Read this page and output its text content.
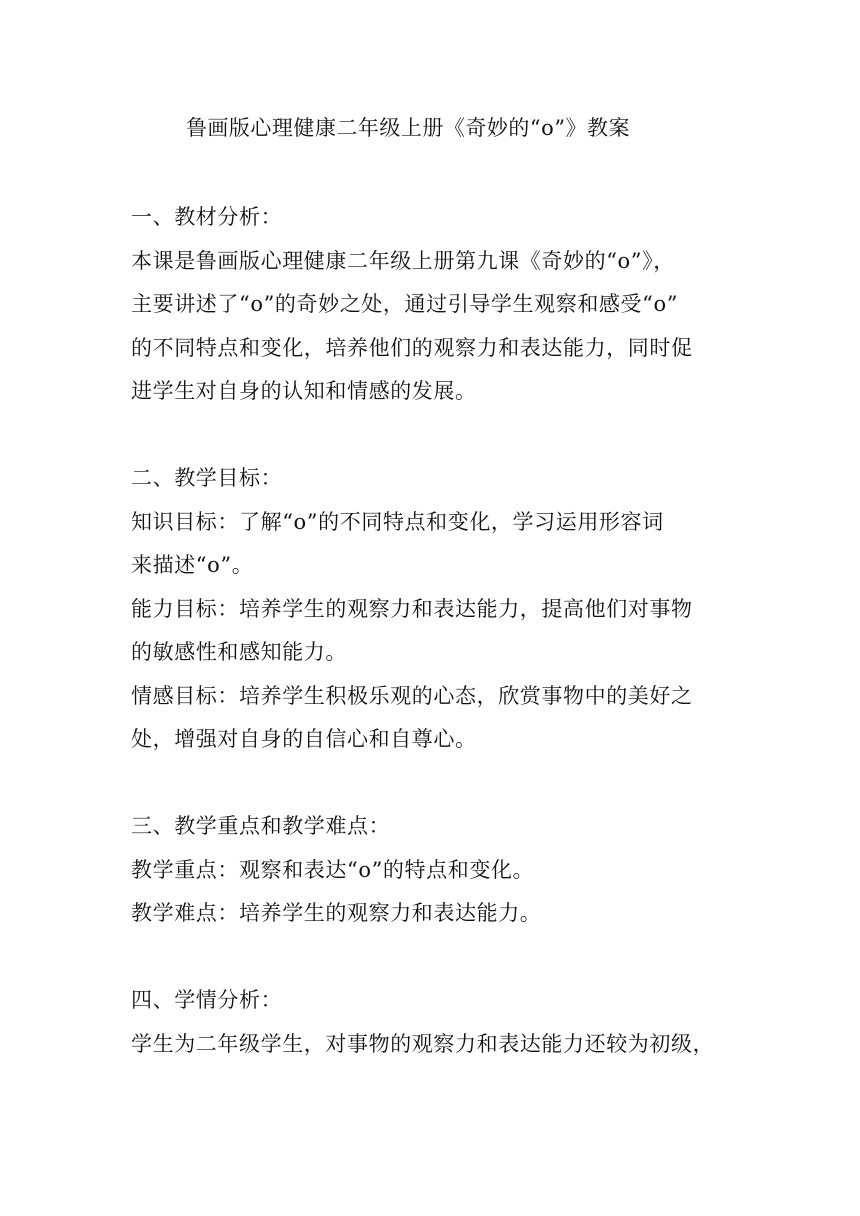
鲁画版心理健康二年级上册《奇妙的“o”》教案
一、教材分析：
本课是鲁画版心理健康二年级上册第九课《奇妙的“o”》，
主要讲述了“o”的奇妙之处，通过引导学生观察和感受“o”
的不同特点和变化，培养他们的观察力和表达能力，同时促
进学生对自身的认知和情感的发展。
二、教学目标：
知识目标：了解“o”的不同特点和变化，学习运用形容词
来描述“o”。
能力目标：培养学生的观察力和表达能力，提高他们对事物
的敏感性和感知能力。
情感目标：培养学生积极乐观的心态，欣赏事物中的美好之
处，增强对自身的自信心和自尊心。
三、教学重点和教学难点：
教学重点：观察和表达“o”的特点和变化。
教学难点：培养学生的观察力和表达能力。
四、学情分析：
学生为二年级学生，对事物的观察力和表达能力还较为初级，
